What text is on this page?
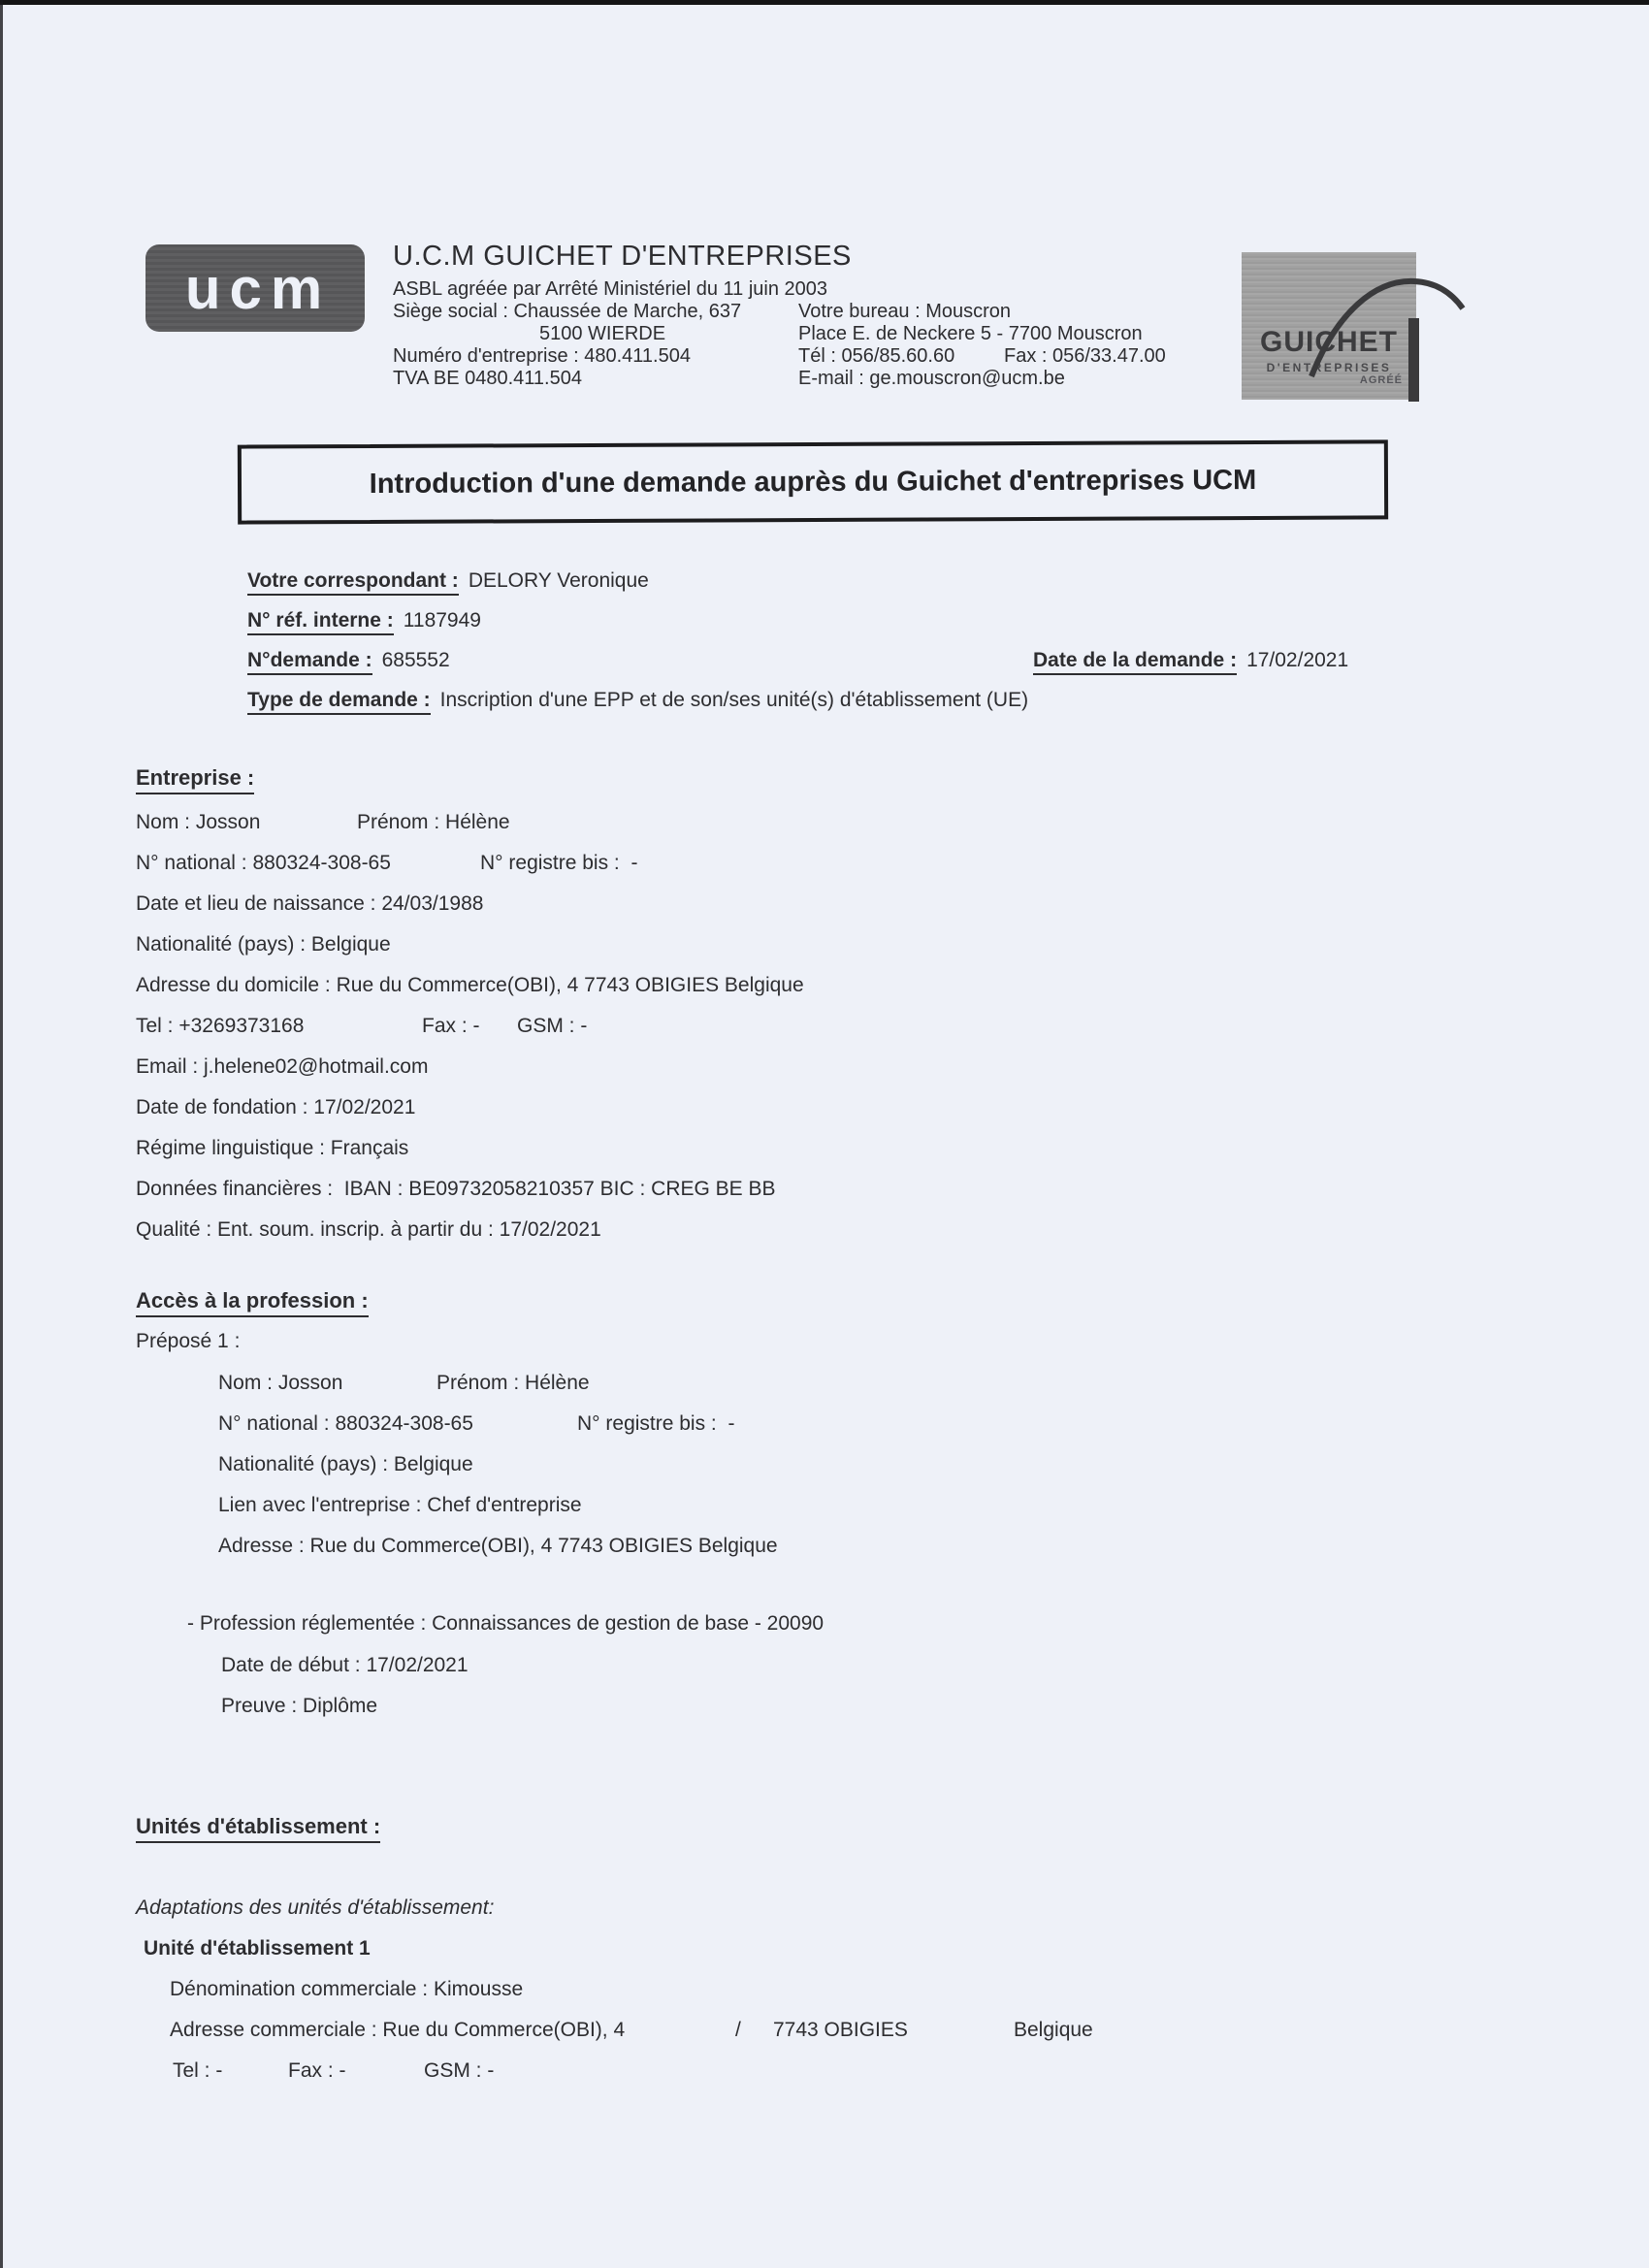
ucm	U.C.M GUICHET D'ENTREPRISES
ASBL agréée par Arrêté Ministériel du 11 juin 2003
Siège social : Chaussée de Marche, 637
5100 WIERDE
Numéro d'entreprise : 480.411.504
TVA BE 0480.411.504
Votre bureau : Mouscron
Place E. de Neckere 5 - 7700 Mouscron
Tél : 056/85.60.60	Fax : 056/33.47.00
E-mail : ge.mouscron@ucm.be
GUICHET
D'ENTREPRISES
AGRÉÉ
Introduction d'une demande auprès du Guichet d'entreprises UCM
Votre correspondant : DELORY Veronique
N° réf. interne : 1187949
N°demande : 685552	Date de la demande : 17/02/2021
Type de demande : Inscription d'une EPP et de son/ses unité(s) d'établissement (UE)
Entreprise :
Nom : Josson	Prénom : Hélène
N° national : 880324-308-65	N° registre bis :  -
Date et lieu de naissance : 24/03/1988
Nationalité (pays) : Belgique
Adresse du domicile : Rue du Commerce(OBI), 4 7743 OBIGIES Belgique
Tel : +3269373168	Fax : - GSM : -
Email : j.helene02@hotmail.com
Date de fondation : 17/02/2021
Régime linguistique : Français
Données financières :  IBAN : BE09732058210357 BIC : CREG BE BB
Qualité : Ent. soum. inscrip. à partir du : 17/02/2021
Accès à la profession :
Préposé 1 :
Nom : Josson	Prénom : Hélène
N° national : 880324-308-65	N° registre bis :  -
Nationalité (pays) : Belgique
Lien avec l'entreprise : Chef d'entreprise
Adresse : Rue du Commerce(OBI), 4 7743 OBIGIES Belgique
- Profession réglementée : Connaissances de gestion de base - 20090
Date de début : 17/02/2021
Preuve : Diplôme
Unités d'établissement :
Adaptations des unités d'établissement:
Unité d'établissement 1
Dénomination commerciale : Kimousse
Adresse commerciale : Rue du Commerce(OBI), 4	/ 7743 OBIGIES	Belgique
Tel : -	Fax : -	GSM : -
